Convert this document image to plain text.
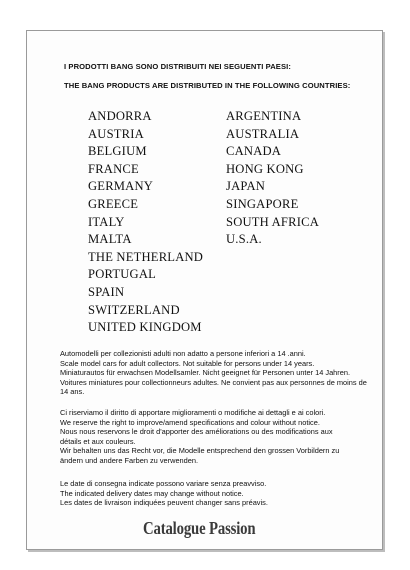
I PRODOTTI BANG SONO DISTRIBUITI NEI SEGUENTI PAESI:
THE BANG PRODUCTS ARE DISTRIBUTED IN THE FOLLOWING COUNTRIES:
ANDORRA
AUSTRIA
BELGIUM
FRANCE
GERMANY
GREECE
ITALY
MALTA
THE NETHERLAND
PORTUGAL
SPAIN
SWITZERLAND
UNITED KINGDOM
ARGENTINA
AUSTRALIA
CANADA
HONG KONG
JAPAN
SINGAPORE
SOUTH AFRICA
U.S.A.
Automodelli per collezionisti adulti non adatto a persone inferiori a 14 .anni.
Scale model cars for adult collectors. Not suitable for persons under 14 years.
Miniaturautos für erwachsen Modellsamler. Nicht geeignet für Personen unter 14 Jahren.
Voitures miniatures pour collectionneurs adultes. Ne convient pas aux personnes de moins de
14 ans.
Ci riserviamo il diritto di apportare miglioramenti o modifiche ai dettagli e ai colori.
We reserve the right to improve/amend specifications and colour without notice.
Nous nous reservons le droit d'apporter des améliorations ou des modifications aux
détails et aux couleurs.
Wir behalten uns das Recht vor, die Modelle entsprechend den grossen Vorbildern zu
ändern und andere Farben zu verwenden.
Le date di consegna indicate possono variare senza preavviso.
The indicated delivery dates may change without notice.
Les dates de livraison indiquées peuvent changer sans préavis.
Catalogue Passion
